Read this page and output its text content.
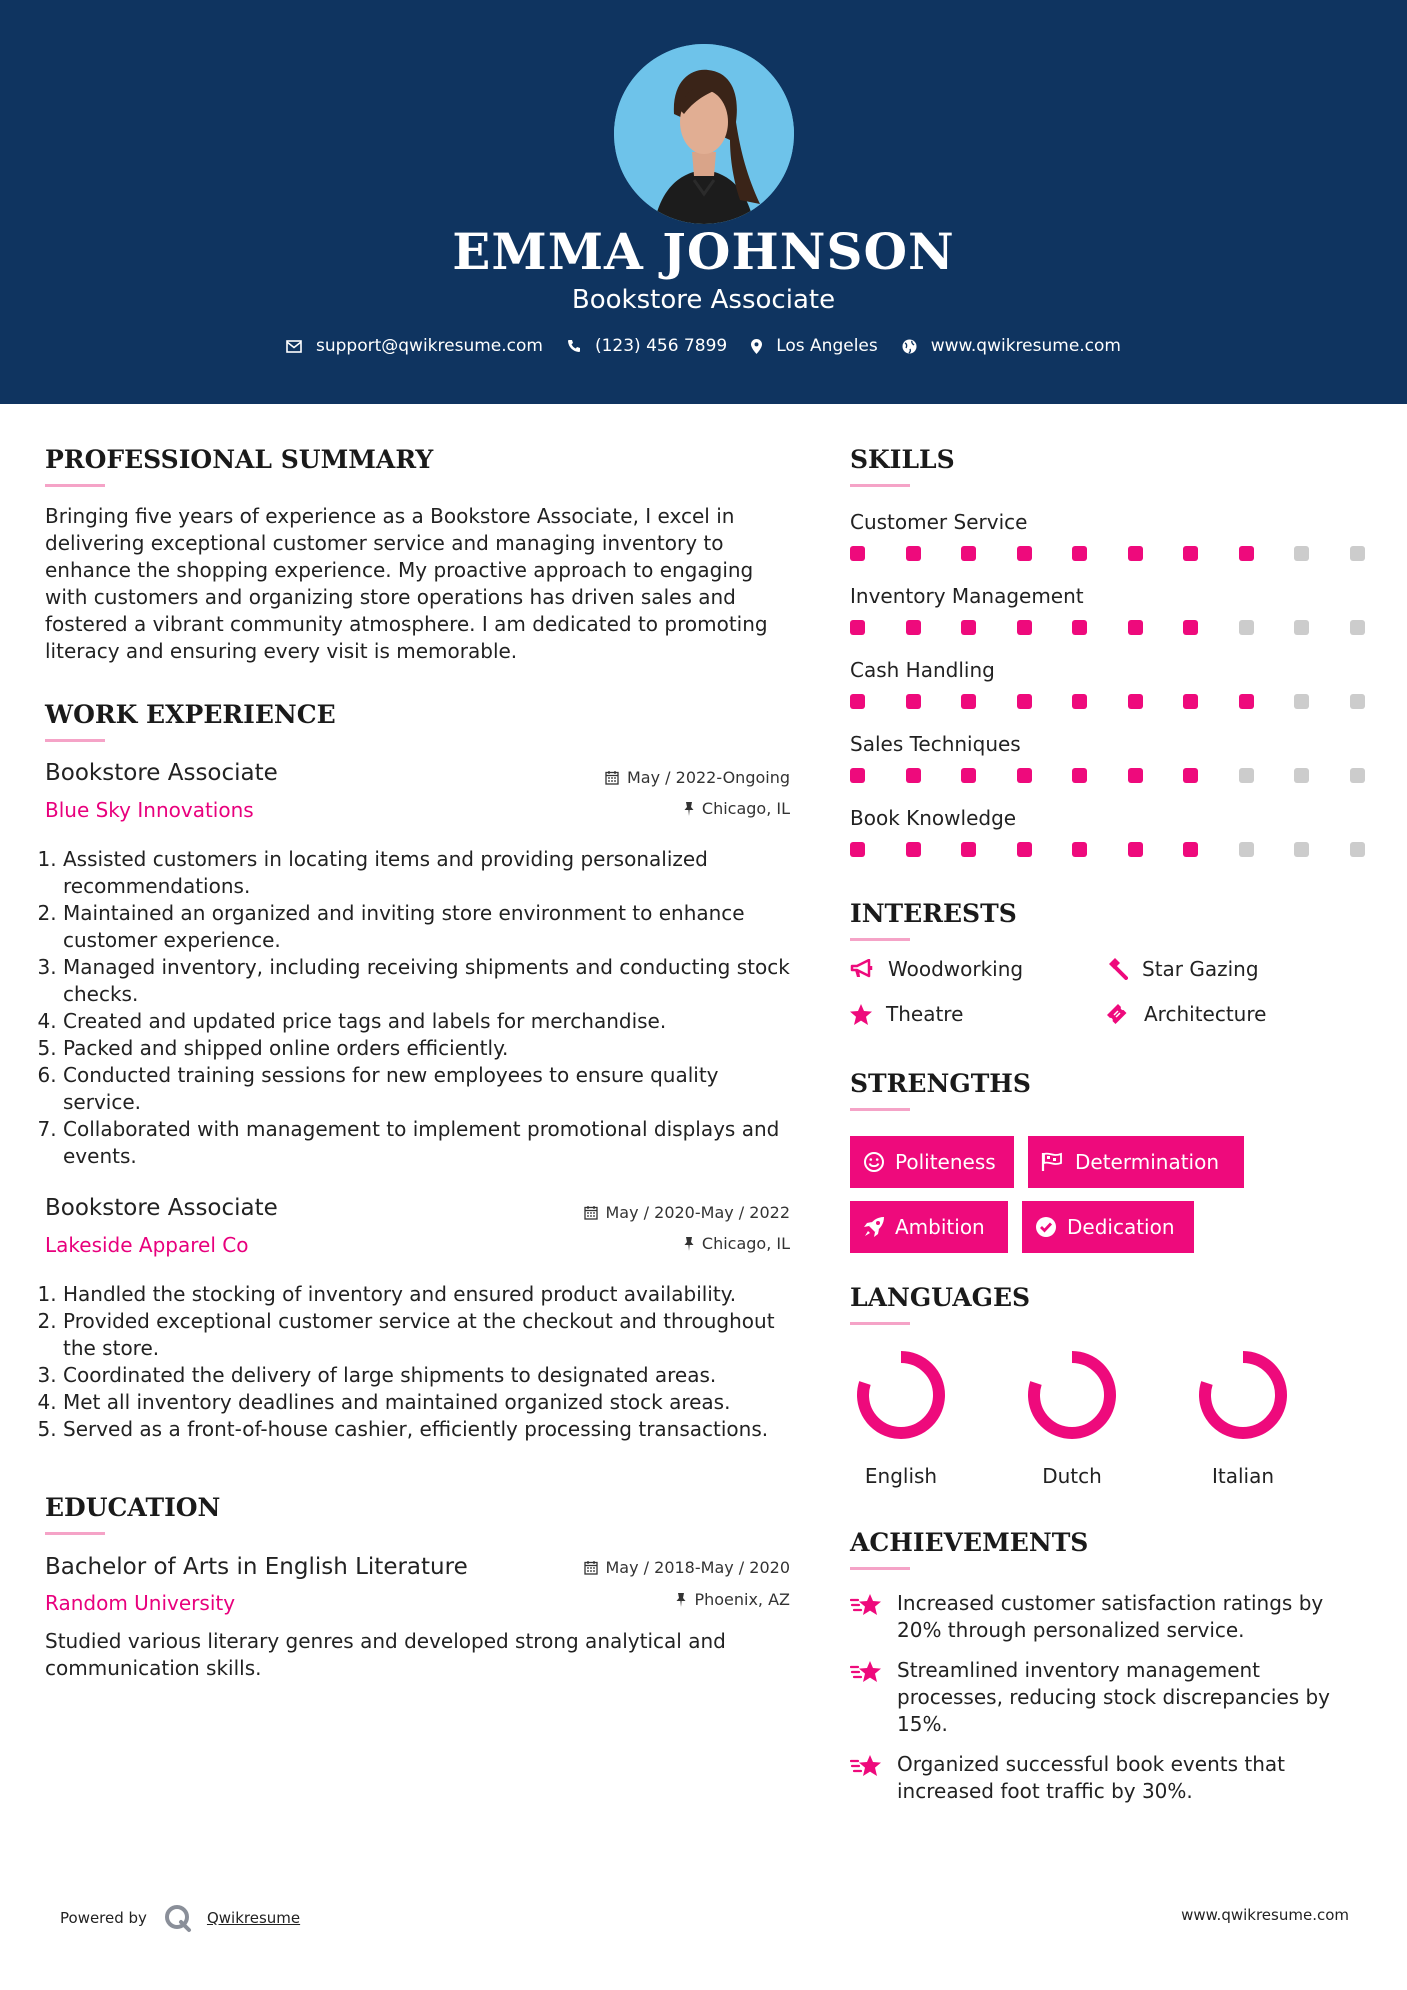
EMMA JOHNSON
Bookstore Associate
support@qwikresume.com	(123) 456 7899	Los Angeles	www.qwikresume.com
PROFESSIONAL SUMMARY
Bringing five years of experience as a Bookstore Associate, I excel in delivering exceptional customer service and managing inventory to enhance the shopping experience. My proactive approach to engaging with customers and organizing store operations has driven sales and fostered a vibrant community atmosphere. I am dedicated to promoting literacy and ensuring every visit is memorable.
WORK EXPERIENCE
Bookstore Associate
Blue Sky Innovations
May / 2022-Ongoing
Chicago, IL
1. Assisted customers in locating items and providing personalized recommendations.
2. Maintained an organized and inviting store environment to enhance customer experience.
3. Managed inventory, including receiving shipments and conducting stock checks.
4. Created and updated price tags and labels for merchandise.
5. Packed and shipped online orders efficiently.
6. Conducted training sessions for new employees to ensure quality service.
7. Collaborated with management to implement promotional displays and events.
Bookstore Associate
Lakeside Apparel Co
May / 2020-May / 2022
Chicago, IL
1. Handled the stocking of inventory and ensured product availability.
2. Provided exceptional customer service at the checkout and throughout the store.
3. Coordinated the delivery of large shipments to designated areas.
4. Met all inventory deadlines and maintained organized stock areas.
5. Served as a front-of-house cashier, efficiently processing transactions.
EDUCATION
Bachelor of Arts in English Literature
Random University
May / 2018-May / 2020
Phoenix, AZ
Studied various literary genres and developed strong analytical and communication skills.
SKILLS
Customer Service
Inventory Management
Cash Handling
Sales Techniques
Book Knowledge
INTERESTS
Woodworking	Star Gazing
Theatre	Architecture
STRENGTHS
Politeness	Determination
Ambition	Dedication
LANGUAGES
English	Dutch	Italian
ACHIEVEMENTS
Increased customer satisfaction ratings by 20% through personalized service.
Streamlined inventory management processes, reducing stock discrepancies by 15%.
Organized successful book events that increased foot traffic by 30%.
Powered by	Qwikresume	www.qwikresume.com
